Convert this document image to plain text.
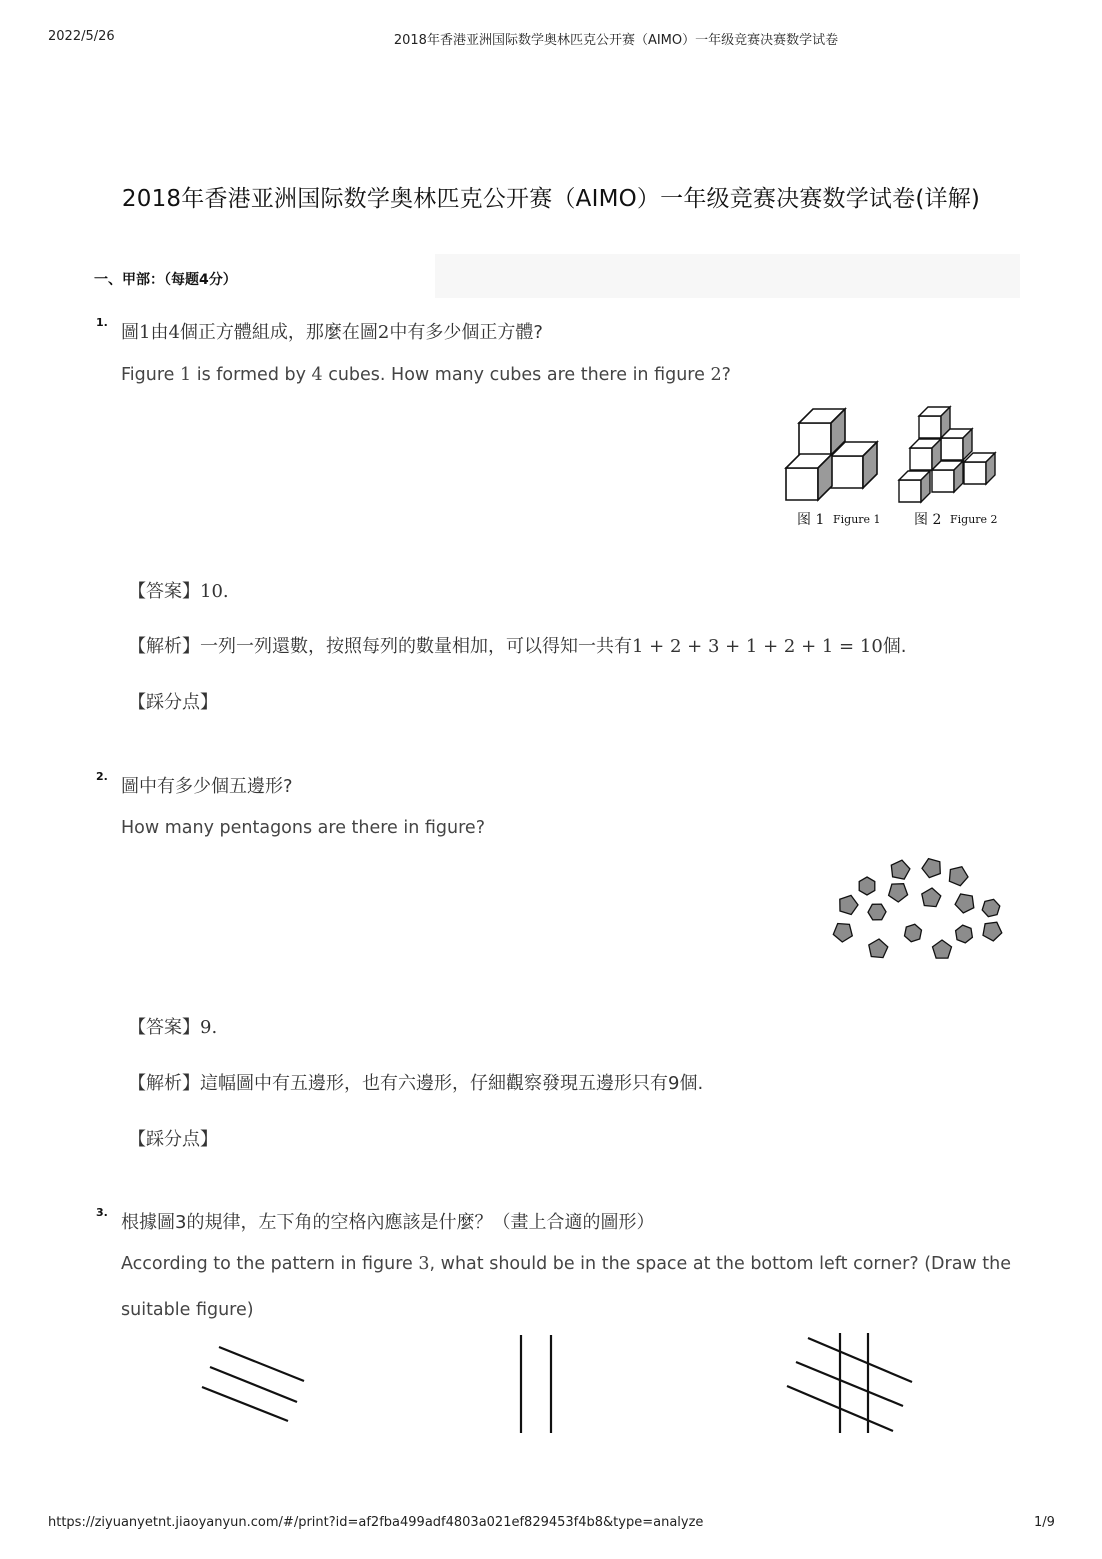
2022/5/26	2018年香港亚洲国际数学奥林匹克公开赛（AIMO）一年级竞赛决赛数学试卷
2018年香港亚洲国际数学奥林匹克公开赛（AIMO）一年级竞赛决赛数学试卷(详解)
一、甲部：（每题4分）
1. 圖1由4個正方體組成，那麼在圖2中有多少個正方體?
Figure 1 is formed by 4 cubes. How many cubes are there in figure 2?
图 1 Figure 1 图 2 Figure 2
【答案】10.
【解析】一列一列還數，按照每列的數量相加，可以得知一共有1 + 2 + 3 + 1 + 2 + 1 = 10個.
【踩分点】
2. 圖中有多少個五邊形?
How many pentagons are there in figure?
【答案】9.
【解析】這幅圖中有五邊形，也有六邊形，仔細觀察發現五邊形只有9個.
【踩分点】
3. 根據圖3的規律，左下角的空格內應該是什麼？（畫上合適的圖形）
According to the pattern in figure 3, what should be in the space at the bottom left corner? (Draw the
suitable figure)
https://ziyuanyetnt.jiaoyanyun.com/#/print?id=af2fba499adf4803a021ef829453f4b8&type=analyze	1/9
